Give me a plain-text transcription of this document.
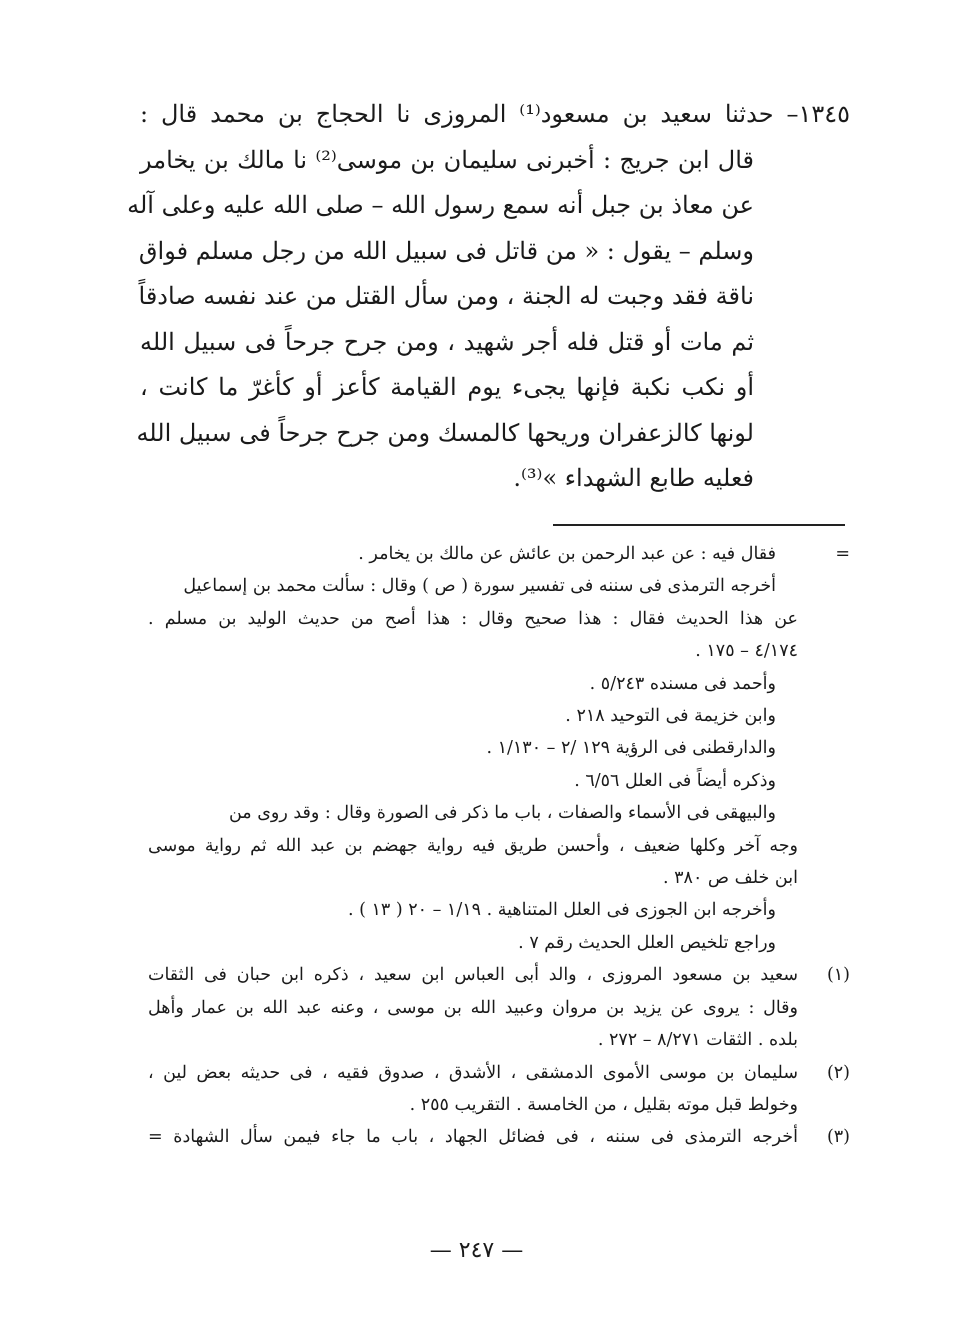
١٣٤٥– حدثنا سعيد بن مسعود⁽¹⁾ المروزى نا الحجاج بن محمد قال :
قال ابن جريج : أخبرنى سليمان بن موسى⁽²⁾ نا مالك بن يخامر
عن معاذ بن جبل أنه سمع رسول الله – صلى الله عليه وعلى آله
وسلم – يقول : « من قاتل فى سبيل الله من رجل مسلم فواق
ناقة فقد وجبت له الجنة ، ومن سأل القتل من عند نفسه صادقاً
ثم مات أو قتل فله أجر شهيد ، ومن جرح جرحاً فى سبيل الله
أو نكب نكبة فإنها يجىء يوم القيامة كأعز أو كأغرّ ما كانت ،
لونها كالزعفران وريحها كالمسك ومن جرح جرحاً فى سبيل الله
فعليه طابع الشهداء »⁽³⁾.
=
فقال فيه : عن عبد الرحمن بن عائش عن مالك بن يخامر .
أخرجه الترمذى فى سننه فى تفسير سورة ( ص ) وقال : سألت محمد بن إسماعيل
عن هذا الحديث فقال : هذا صحيح وقال : هذا أصح من حديث الوليد بن مسلم .
٤/١٧٤ – ١٧٥ .
وأحمد فى مسنده ٥/٢٤٣ .
وابن خزيمة فى التوحيد ٢١٨ .
والدارقطنى فى الرؤية ١٢٩ /٢ – ١/١٣٠ .
وذكره أيضاً فى العلل ٦/٥٦ .
والبيهقى فى الأسماء والصفات ، باب ما ذكر فى الصورة وقال : وقد روى من
وجه آخر وكلها ضعيف ، وأحسن طريق فيه رواية جهضم بن عبد الله ثم رواية موسى
ابن خلف ص ٣٨٠ .
وأخرجه ابن الجوزى فى العلل المتناهية . ١/١٩ – ٢٠ ( ١٣ ) .
وراجع تلخيص العلل الحديث رقم ٧ .
(١)
سعيد بن مسعود المروزى ، والد أبى العباس ابن سعيد ، ذكره ابن حبان فى الثقات
وقال : يروى عن يزيد بن مروان وعبيد الله بن موسى ، وعنه عبد الله بن عمار وأهل
بلده . الثقات ٨/٢٧١ – ٢٧٢ .
(٢)
سليمان بن موسى الأموى الدمشقى ، الأشدق ، صدوق فقيه ، فى حديثه بعض لين ،
وخولط قبل موته بقليل ، من الخامسة . التقريب ٢٥٥ .
(٣)
أخرجه الترمذى فى سننه ، فى فضائل الجهاد ، باب ما جاء فيمن سأل الشهادة =
— ٢٤٧ —
